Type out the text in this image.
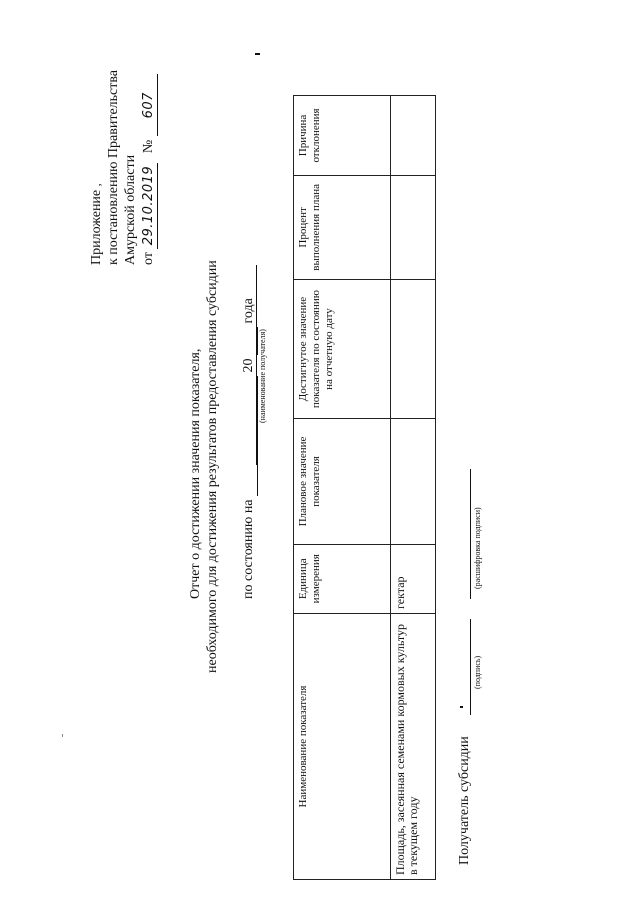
Приложение , к постановлению Правительства Амурской области от 29.10.2019 № 607
Отчет о достижении значения показателя, необходимого для достижения результатов предоставления субсидии по состоянию на   20   года
(наименование получателя)
Наименование показателя	Единица измерения	Плановое значение показателя	Достигнутое значение показателя по состоянию на отчетную дату	Процент выполнения плана	Причина отклонения
Площадь, засеянная семенами кормовых культур в текущем году	гектар				
Получатель субсидии
(подпись)
(расшифровка подписи)
